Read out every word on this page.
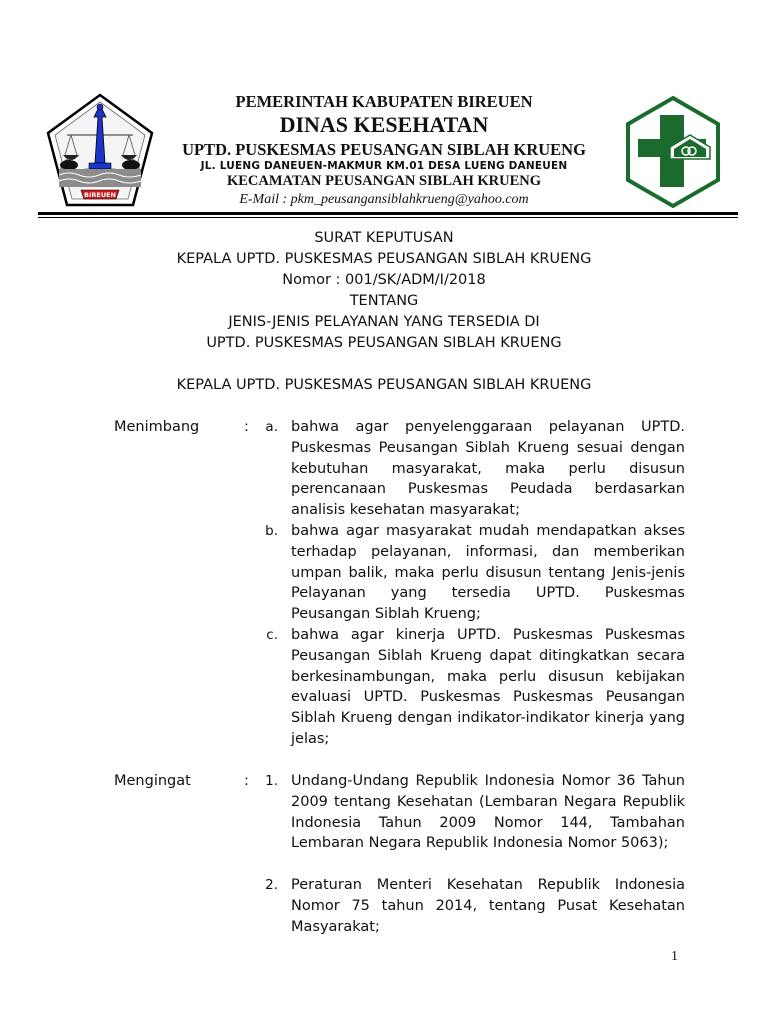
BIREUEN
PEMERINTAH KABUPATEN BIREUEN
DINAS KESEHATAN
UPTD. PUSKESMAS PEUSANGAN SIBLAH KRUENG
JL. LUENG DANEUEN-MAKMUR KM.01 DESA LUENG DANEUEN
KECAMATAN PEUSANGAN SIBLAH KRUENG
E-Mail : pkm_peusangansiblahkrueng@yahoo.com
SURAT KEPUTUSAN
KEPALA UPTD. PUSKESMAS PEUSANGAN SIBLAH KRUENG
Nomor : 001/SK/ADM/I/2018
TENTANG
JENIS-JENIS PELAYANAN YANG TERSEDIA DI
UPTD. PUSKESMAS PEUSANGAN SIBLAH KRUENG
KEPALA UPTD. PUSKESMAS PEUSANGAN SIBLAH KRUENG
Menimbang	:	a. bahwa agar penyelenggaraan pelayanan UPTD. Puskesmas Peusangan Siblah Krueng sesuai dengan kebutuhan masyarakat, maka perlu disusun perencanaan Puskesmas Peudada berdasarkan analisis kesehatan masyarakat;
b. bahwa agar masyarakat mudah mendapatkan akses terhadap pelayanan, informasi, dan memberikan umpan balik, maka perlu disusun tentang Jenis-jenis Pelayanan yang tersedia UPTD. Puskesmas Peusangan Siblah Krueng;
c. bahwa agar kinerja UPTD. Puskesmas Puskesmas Peusangan Siblah Krueng dapat ditingkatkan secara berkesinambungan, maka perlu disusun kebijakan evaluasi UPTD. Puskesmas Puskesmas Peusangan Siblah Krueng dengan indikator-indikator kinerja yang jelas;
Mengingat	:	1. Undang-Undang Republik Indonesia Nomor 36 Tahun 2009 tentang Kesehatan (Lembaran Negara Republik Indonesia Tahun 2009 Nomor 144, Tambahan Lembaran Negara Republik Indonesia Nomor 5063);
2. Peraturan Menteri Kesehatan Republik Indonesia Nomor 75 tahun 2014, tentang Pusat Kesehatan Masyarakat;
1
